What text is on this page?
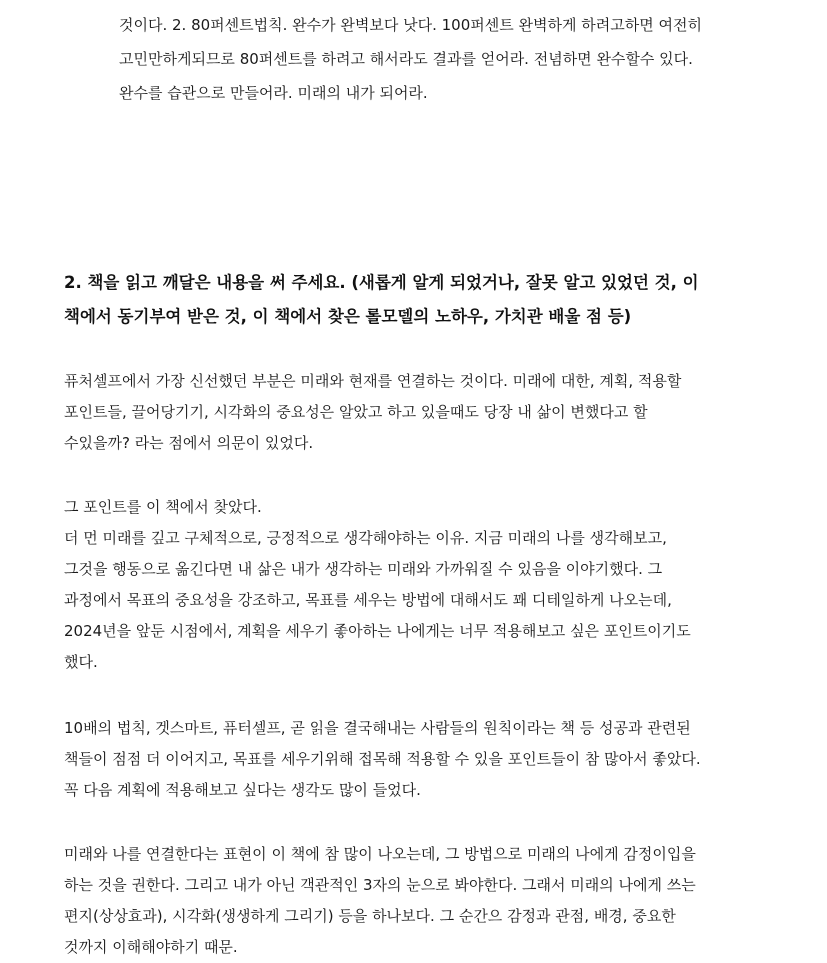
것이다. 2. 80퍼센트법칙. 완수가 완벽보다 낫다. 100퍼센트 완벽하게 하려고하면 여전히
고민만하게되므로 80퍼센트를 하려고 해서라도 결과를 얻어라. 전념하면 완수할수 있다.
완수를 습관으로 만들어라. 미래의 내가 되어라.
2. 책을 읽고 깨달은 내용을 써 주세요. (새롭게 알게 되었거나, 잘못 알고 있었던 것, 이
책에서 동기부여 받은 것, 이 책에서 찾은 롤모델의 노하우, 가치관 배울 점 등)
퓨처셀프에서 가장 신선했던 부분은 미래와 현재를 연결하는 것이다. 미래에 대한, 계획, 적용할
포인트들, 끌어당기기, 시각화의 중요성은 알았고 하고 있을때도 당장 내 삶이 변했다고 할
수있을까? 라는 점에서 의문이 있었다.
그 포인트를 이 책에서 찾았다.
더 먼 미래를 깊고 구체적으로, 긍정적으로 생각해야하는 이유. 지금 미래의 나를 생각해보고,
그것을 행동으로 옮긴다면 내 삶은 내가 생각하는 미래와 가까워질 수 있음을 이야기했다. 그
과정에서 목표의 중요성을 강조하고, 목표를 세우는 방법에 대해서도 꽤 디테일하게 나오는데,
2024년을 앞둔 시점에서, 계획을 세우기 좋아하는 나에게는 너무 적용해보고 싶은 포인트이기도
했다.
10배의 법칙, 겟스마트, 퓨터셀프, 곧 읽을 결국해내는 사람들의 원칙이라는 책 등 성공과 관련된
책들이 점점 더 이어지고, 목표를 세우기위해 접목해 적용할 수 있을 포인트들이 참 많아서 좋았다.
꼭 다음 계획에 적용해보고 싶다는 생각도 많이 들었다.
미래와 나를 연결한다는 표현이 이 책에 참 많이 나오는데, 그 방법으로 미래의 나에게 감정이입을
하는 것을 권한다. 그리고 내가 아닌 객관적인 3자의 눈으로 봐야한다. 그래서 미래의 나에게 쓰는
편지(상상효과), 시각화(생생하게 그리기) 등을 하나보다. 그 순간으 감정과 관점, 배경, 중요한
것까지 이해해야하기 때문.
